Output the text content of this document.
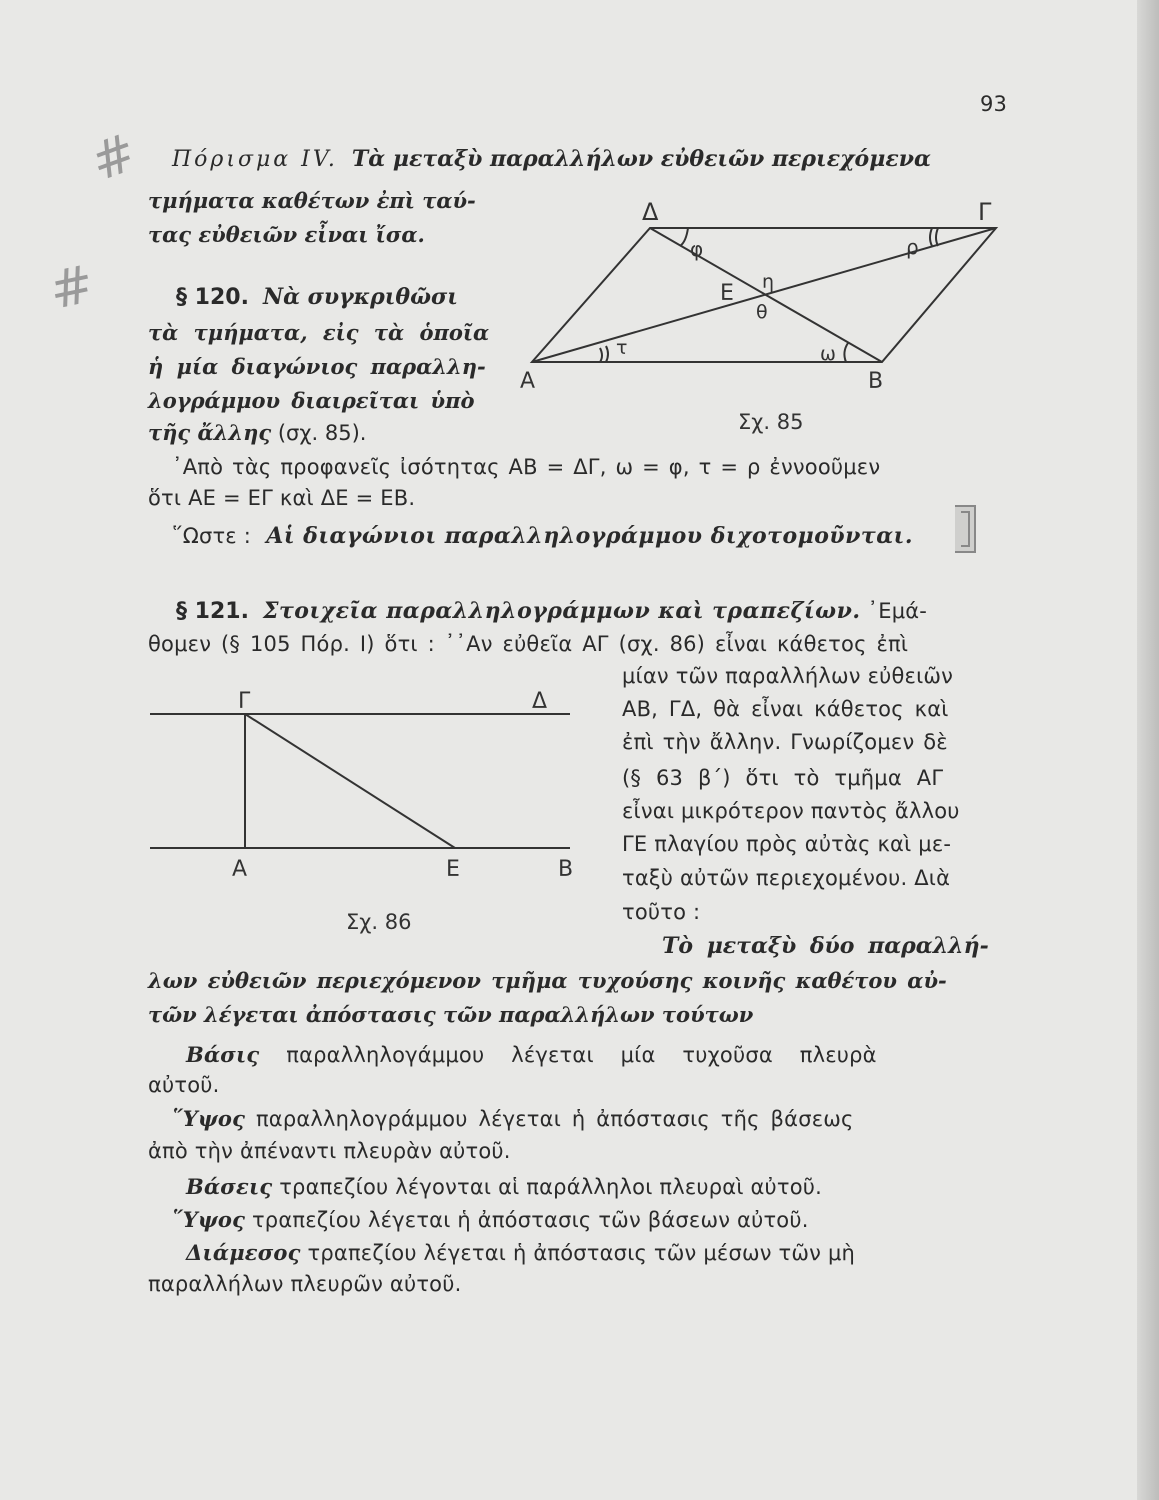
#
#
93
Πόρισμα IV. Τὰ μεταξὺ παραλλήλων εὐθειῶν περιεχόμενα
τμήματα καθέτων ἐπὶ ταύ-
τας εὐθειῶν εἶναι ἴσα.
§ 120. Νὰ συγκριθῶσι
τὰ τμήματα, εἰς τὰ ὁποῖα
ἡ μία διαγώνιος παραλλη-
λογράμμου διαιρεῖται ὑπὸ
τῆς ἄλλης (σχ. 85).
Α	Β
Γ
Δ
Ε
φ	ρ
η
θ
τ	ω
Σχ. 85
᾿Απὸ τὰς προφανεῖς ἰσότητας ΑΒ = ΔΓ, ω = φ, τ = ρ ἐννοοῦμεν
ὅτι ΑΕ = ΕΓ καὶ ΔΕ = ΕΒ.
῞Ωστε : Αἱ διαγώνιοι παραλληλογράμμου διχοτομοῦνται.
§ 121. Στοιχεῖα παραλληλογράμμων καὶ τραπεζίων. ᾿Εμά-
θομεν (§ 105 Πόρ. Ι) ὅτι : ᾿᾿Αν εὐθεῖα ΑΓ (σχ. 86) εἶναι κάθετος ἐπὶ
μίαν τῶν παραλλήλων εὐθειῶν
ΑΒ, ΓΔ, θὰ εἶναι κάθετος καὶ
ἐπὶ τὴν ἄλλην. Γνωρίζομεν δὲ
(§ 63 β΄) ὅτι τὸ τμῆμα ΑΓ
εἶναι μικρότερον παντὸς ἄλλου
ΓΕ πλαγίου πρὸς αὐτὰς καὶ με-
ταξὺ αὐτῶν περιεχομένου. Διὰ
τοῦτο :
Γ	Δ
Α	Ε	Β
Σχ. 86
Τὸ μεταξὺ δύο παραλλή-
λων εὐθειῶν περιεχόμενον τμῆμα τυχούσης κοινῆς καθέτου αὐ-
τῶν λέγεται ἀπόστασις τῶν παραλλήλων τούτων
Βάσις παραλληλογάμμου λέγεται μία τυχοῦσα πλευρὰ
αὐτοῦ.
῞Υψος παραλληλογράμμου λέγεται ἡ ἀπόστασις τῆς βάσεως
ἀπὸ τὴν ἀπέναντι πλευρὰν αὐτοῦ.
Βάσεις τραπεζίου λέγονται αἱ παράλληλοι πλευραὶ αὐτοῦ.
῞Υψος τραπεζίου λέγεται ἡ ἀπόστασις τῶν βάσεων αὐτοῦ.
Διάμεσος τραπεζίου λέγεται ἡ ἀπόστασις τῶν μέσων τῶν μὴ
παραλλήλων πλευρῶν αὐτοῦ.
